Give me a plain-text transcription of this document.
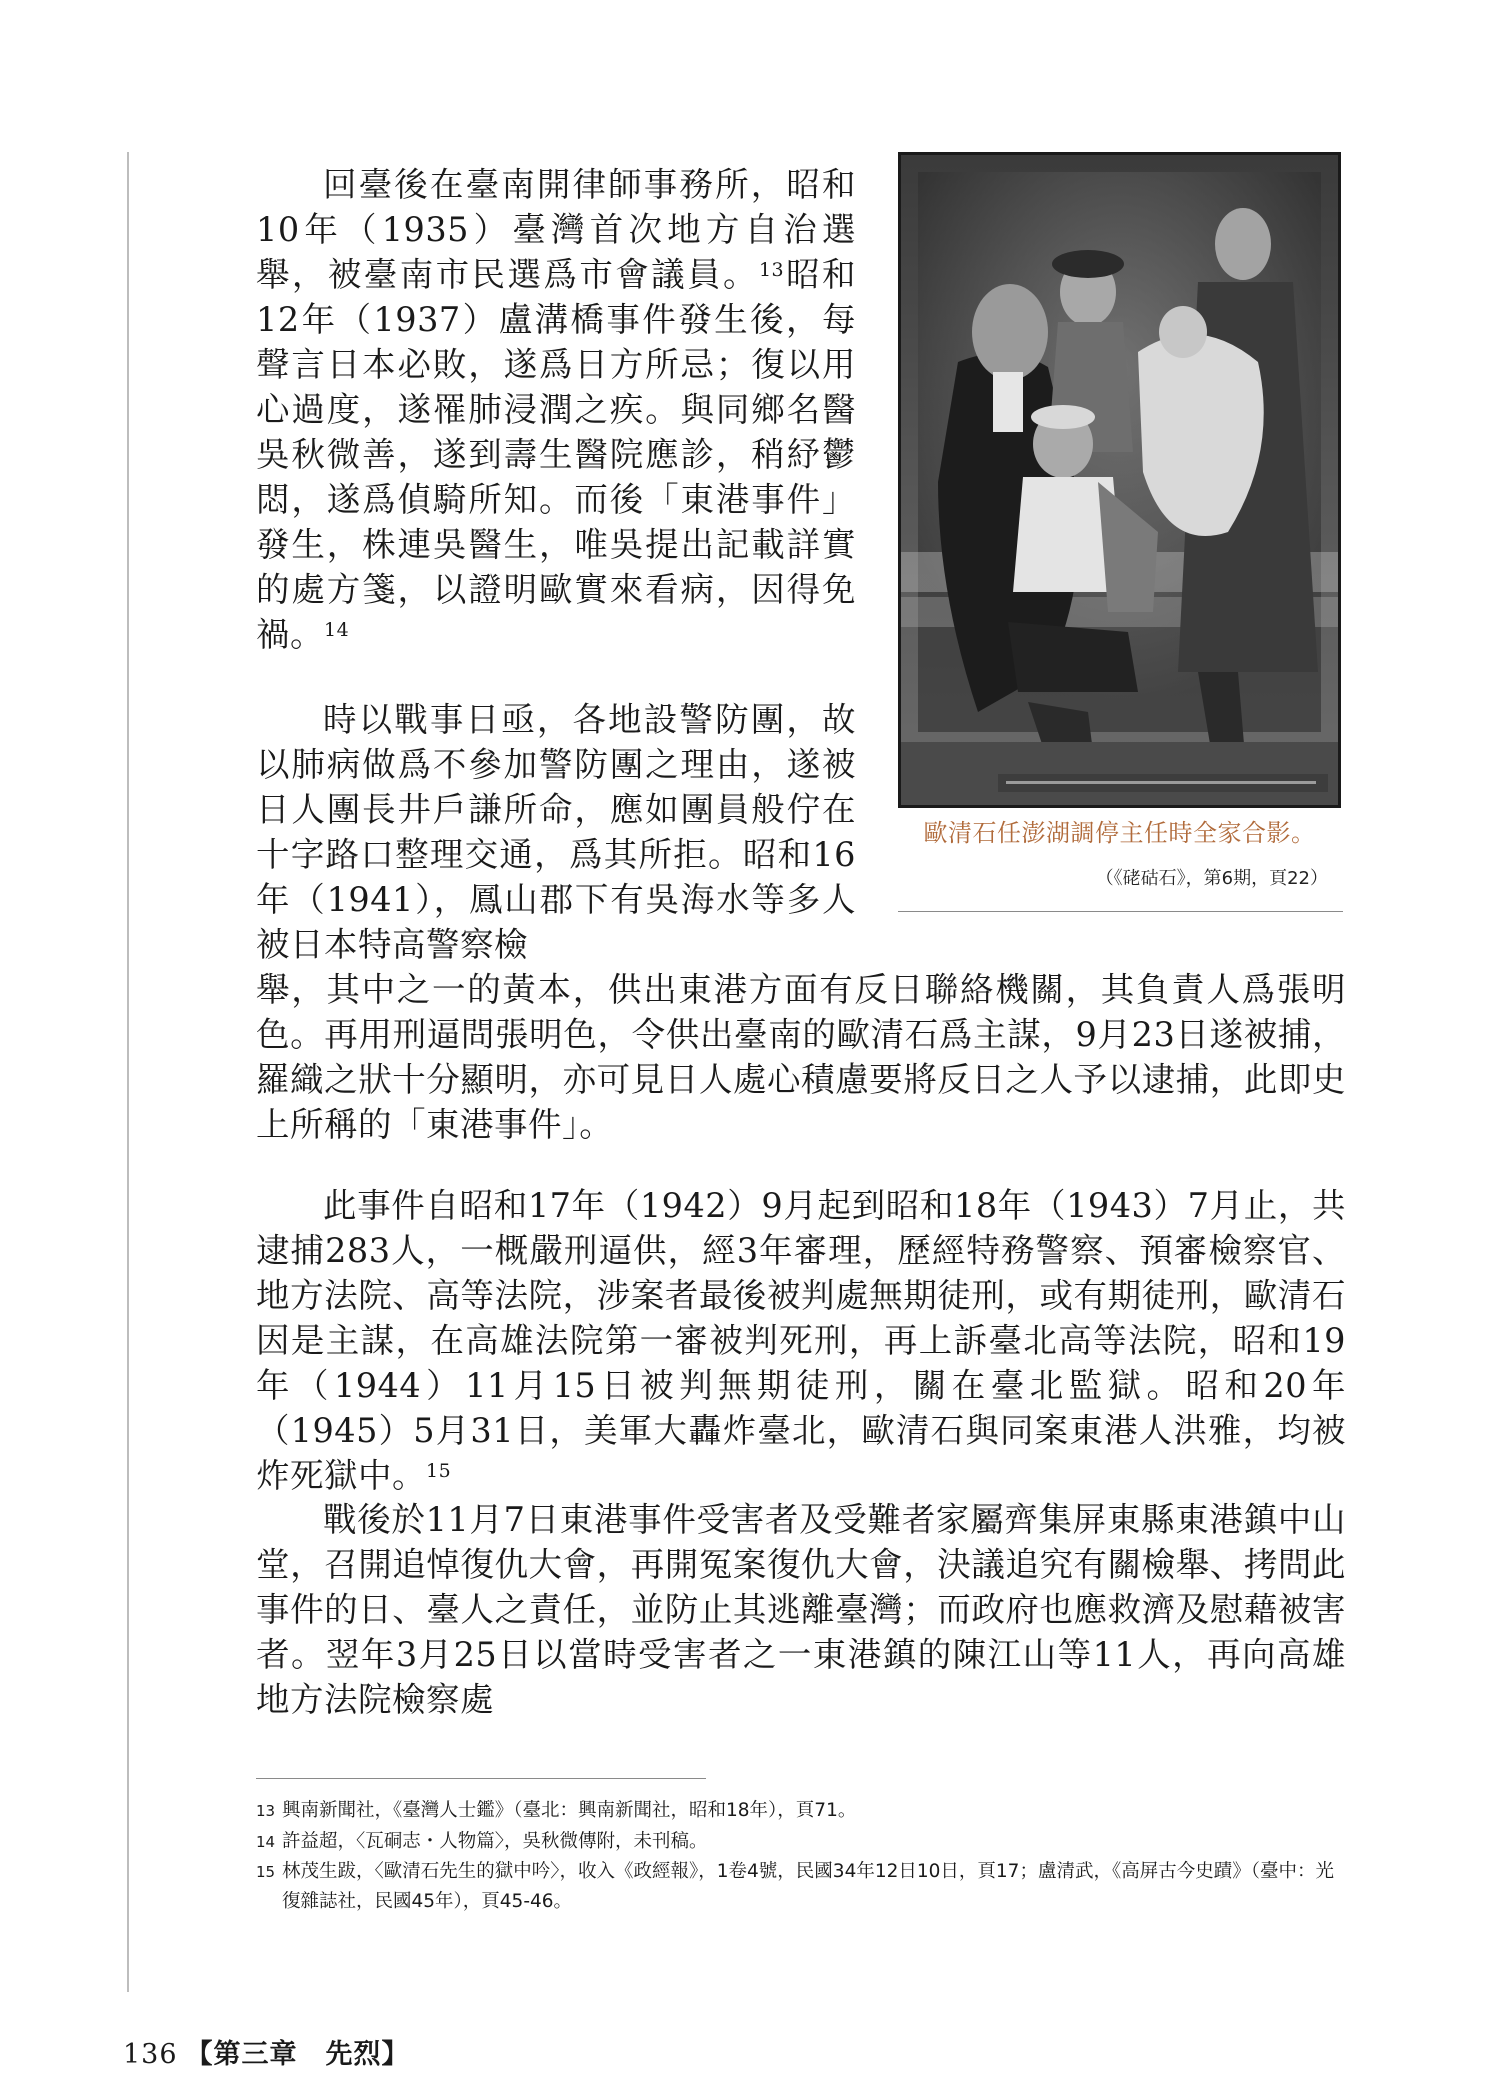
回臺後在臺南開律師事務所，昭和10年（1935）臺灣首次地方自治選舉，被臺南市民選爲市會議員。$^{13}$昭和12年（1937）盧溝橋事件發生後，每聲言日本必敗，遂爲日方所忌；復以用心過度，遂罹肺浸潤之疾。與同鄉名醫吳秋微善，遂到壽生醫院應診，稍紓鬱悶，遂爲偵騎所知。而後「東港事件」發生，株連吳醫生，唯吳提出記載詳實的處方箋，以證明歐實來看病，因得免禍。$^{14}$

時以戰事日亟，各地設警防團，故以肺病做爲不參加警防團之理由，遂被日人團長井戶謙所命，應如團員般佇在十字路口整理交通，爲其所拒。昭和16年（1941），鳳山郡下有吳海水等多人被日本特高警察檢

舉，其中之一的黃本，供出東港方面有反日聯絡機關，其負責人爲張明色。再用刑逼問張明色，令供出臺南的歐清石爲主謀，9月23日遂被捕，羅織之狀十分顯明，亦可見日人處心積慮要將反日之人予以逮捕，此即史上所稱的「東港事件」。

此事件自昭和17年（1942）9月起到昭和18年（1943）7月止，共逮捕283人，一概嚴刑逼供，經3年審理，歷經特務警察、預審檢察官、地方法院、高等法院，涉案者最後被判處無期徒刑，或有期徒刑，歐清石因是主謀，在高雄法院第一審被判死刑，再上訴臺北高等法院，昭和19年（1944）11月15日被判無期徒刑，關在臺北監獄。昭和20年（1945）5月31日，美軍大轟炸臺北，歐清石與同案東港人洪雅，均被炸死獄中。$^{15}$

戰後於11月7日東港事件受害者及受難者家屬齊集屏東縣東港鎮中山堂，召開追悼復仇大會，再開冤案復仇大會，決議追究有關檢舉、拷問此事件的日、臺人之責任，並防止其逃離臺灣；而政府也應救濟及慰藉被害者。翌年3月25日以當時受害者之一東港鎮的陳江山等11人，再向高雄地方法院檢察處

歐清石任澎湖調停主任時全家合影。
（《硓𥑮石》，第6期，頁22）
13 興南新聞社，《臺灣人士鑑》（臺北：興南新聞社，昭和18年），頁71。
14 許益超，〈瓦硐志・人物篇〉，吳秋微傳附，未刊稿。
15 林茂生跋，〈歐清石先生的獄中吟〉，收入《政經報》，1卷4號，民國34年12日10日，頁17；盧清武，《高屏古今史蹟》（臺中：光復雜誌社，民國45年），頁45-46。
136 【第三章　先烈】
